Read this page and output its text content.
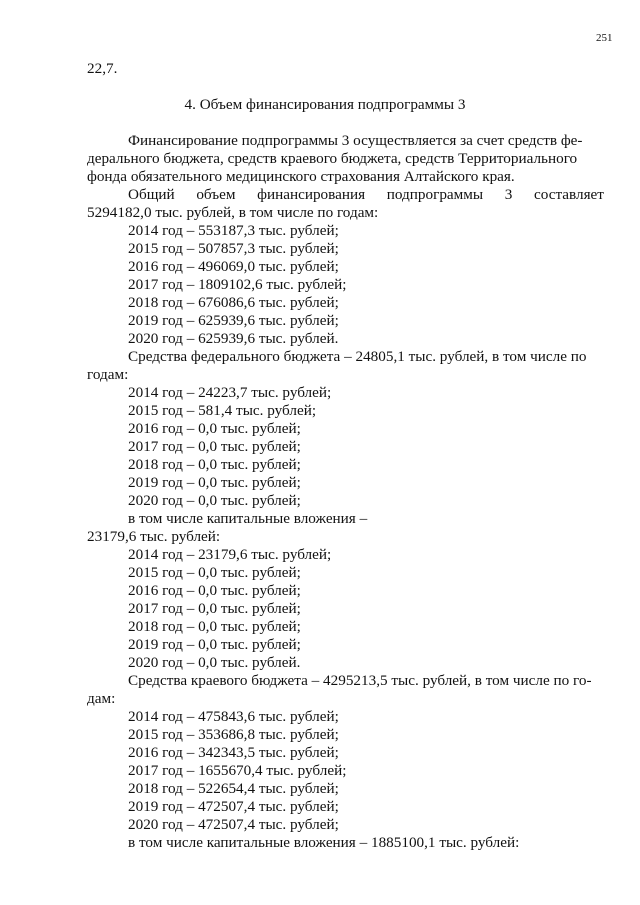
251
22,7.
4. Объем финансирования подпрограммы 3
Финансирование подпрограммы 3 осуществляется за счет средств фе-
дерального бюджета, средств краевого бюджета, средств Территориального
фонда обязательного медицинского страхования Алтайского края.
Общий объем финансирования подпрограммы 3 составляет
5294182,0 тыс. рублей, в том числе по годам:
2014 год – 553187,3 тыс. рублей;
2015 год – 507857,3 тыс. рублей;
2016 год – 496069,0 тыс. рублей;
2017 год – 1809102,6 тыс. рублей;
2018 год – 676086,6 тыс. рублей;
2019 год – 625939,6 тыс. рублей;
2020 год – 625939,6 тыс. рублей.
Средства федерального бюджета – 24805,1 тыс. рублей, в том числе по
годам:
2014 год – 24223,7 тыс. рублей;
2015 год – 581,4 тыс. рублей;
2016 год – 0,0 тыс. рублей;
2017 год – 0,0 тыс. рублей;
2018 год – 0,0 тыс. рублей;
2019 год – 0,0 тыс. рублей;
2020 год – 0,0 тыс. рублей;
в том числе капитальные вложения –
23179,6 тыс. рублей:
2014 год – 23179,6 тыс. рублей;
2015 год – 0,0 тыс. рублей;
2016 год – 0,0 тыс. рублей;
2017 год – 0,0 тыс. рублей;
2018 год – 0,0 тыс. рублей;
2019 год – 0,0 тыс. рублей;
2020 год – 0,0 тыс. рублей.
Средства краевого бюджета – 4295213,5 тыс. рублей, в том числе по го-
дам:
2014 год – 475843,6 тыс. рублей;
2015 год – 353686,8 тыс. рублей;
2016 год – 342343,5 тыс. рублей;
2017 год – 1655670,4 тыс. рублей;
2018 год – 522654,4 тыс. рублей;
2019 год – 472507,4 тыс. рублей;
2020 год – 472507,4 тыс. рублей;
в том числе капитальные вложения – 1885100,1 тыс. рублей:
